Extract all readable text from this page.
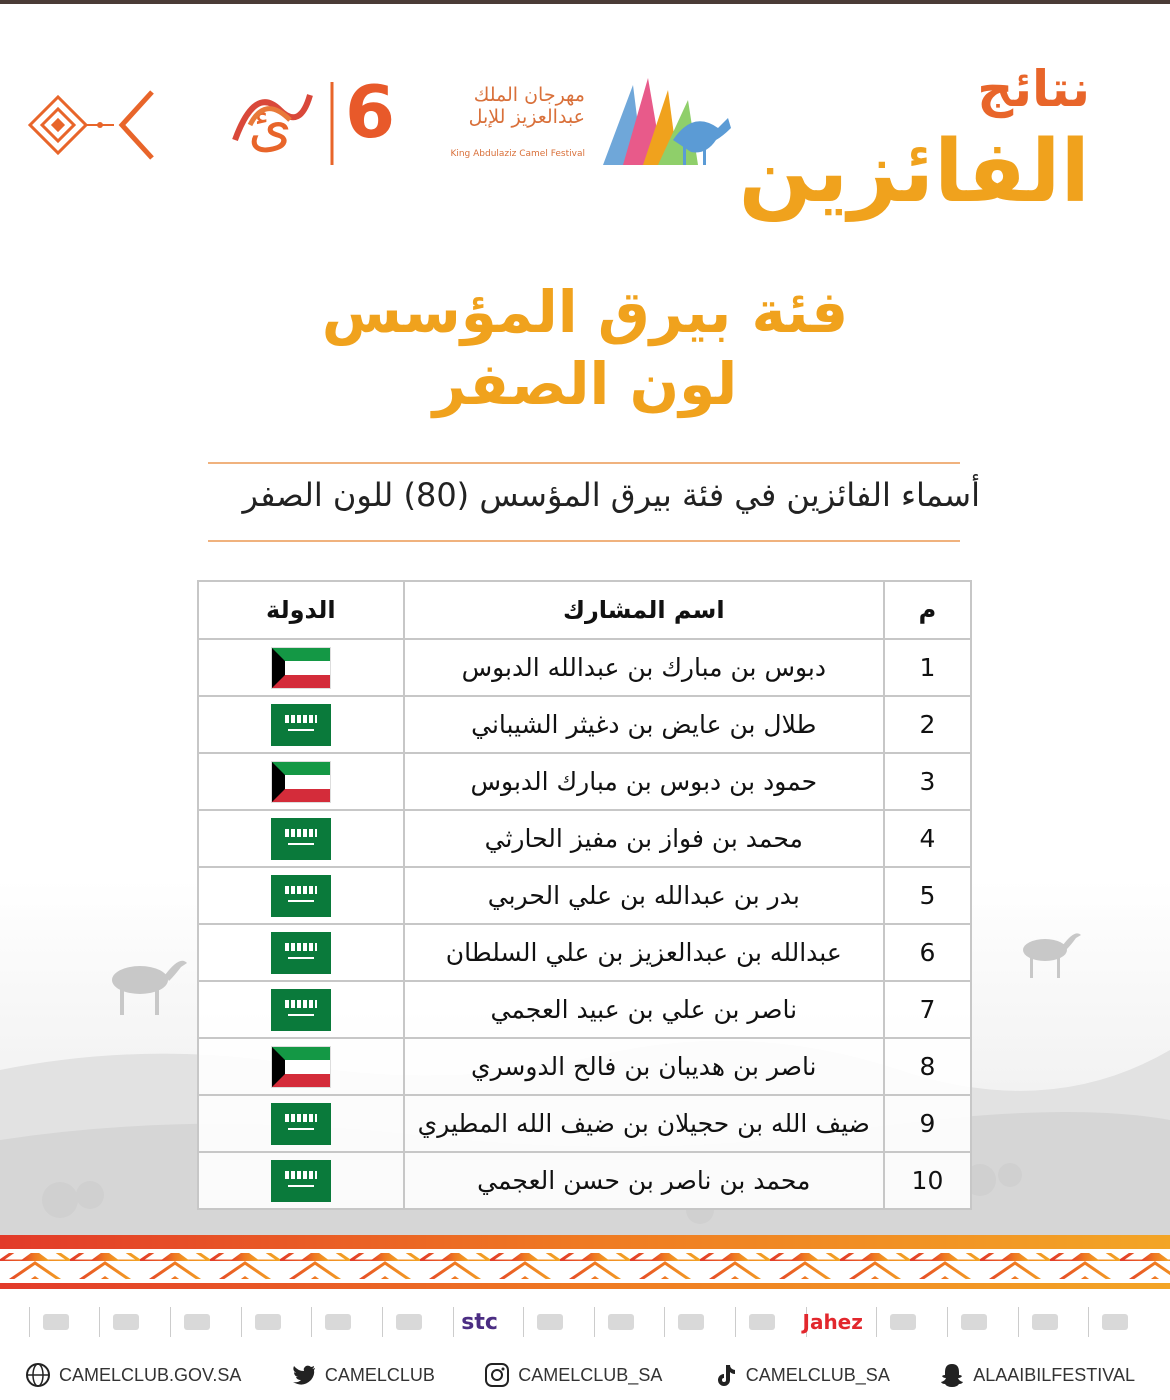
ئ 6	مهرجان الملك عبدالعزيز للإبل
King Abdulaziz Camel Festival
نتائج
الفائزين
فئة بيرق المؤسس
لون الصفر
أسماء الفائزين في فئة بيرق المؤسس (80) للون الصفر
م	اسم المشارك	الدولة
1	دبوس بن مبارك بن عبدالله الدبوس	
2	طلال بن عايض بن دغيثر الشيباني	

3	حمود بن دبوس بن مبارك الدبوس	
4	محمد بن فواز بن مفيز الحارثي	

5	بدر بن عبدالله بن علي الحربي	

6	عبدالله بن عبدالعزيز بن علي السلطان	

7	ناصر بن علي بن عبيد العجمي	

8	ناصر بن هديبان بن فالح الدوسري	
9	ضيف الله بن حجيلان بن ضيف الله المطيري	

10	محمد بن ناصر بن حسن العجمي	
stc	Jahez
CAMELCLUB.GOV.SA	CAMELCLUB	CAMELCLUB_SA	CAMELCLUB_SA	ALAAIBILFESTIVAL
